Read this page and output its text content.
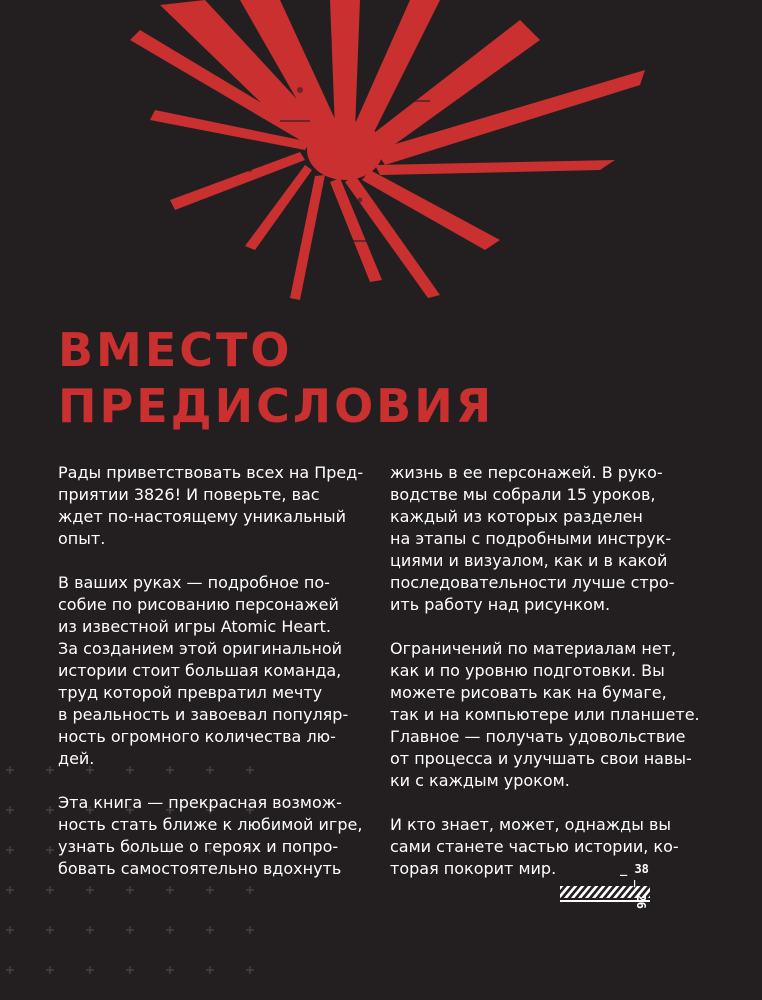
ВМЕСТО
ПРЕДИСЛОВИЯ

Рады приветствовать всех на Пред-
приятии 3826! И поверьте, вас
ждет по-настоящему уникальный
опыт.

В ваших руках — подробное по-
собие по рисованию персонажей
из известной игры Atomic Heart.
За созданием этой оригинальной
истории стоит большая команда,
труд которой превратил мечту
в реальность и завоевал популяр-
ность огромного количества лю-
дей.

Эта книга — прекрасная возмож-
ность стать ближе к любимой игре,
узнать больше о героях и попро-
бовать самостоятельно вдохнуть

жизнь в ее персонажей. В руко-
водстве мы собрали 15 уроков,
каждый из которых разделен
на этапы с подробными инструк-
циями и визуалом, как и в какой
последовательности лучше стро-
ить работу над рисунком.

Ограничений по материалам нет,
как и по уровню подготовки. Вы
можете рисовать как на бумаге,
так и на компьютере или планшете.
Главное — получать удовольствие
от процесса и улучшать свои навы-
ки с каждым уроком.

И кто знает, может, однажды вы
сами станете частью истории, ко-
торая покорит мир.	_ 38
